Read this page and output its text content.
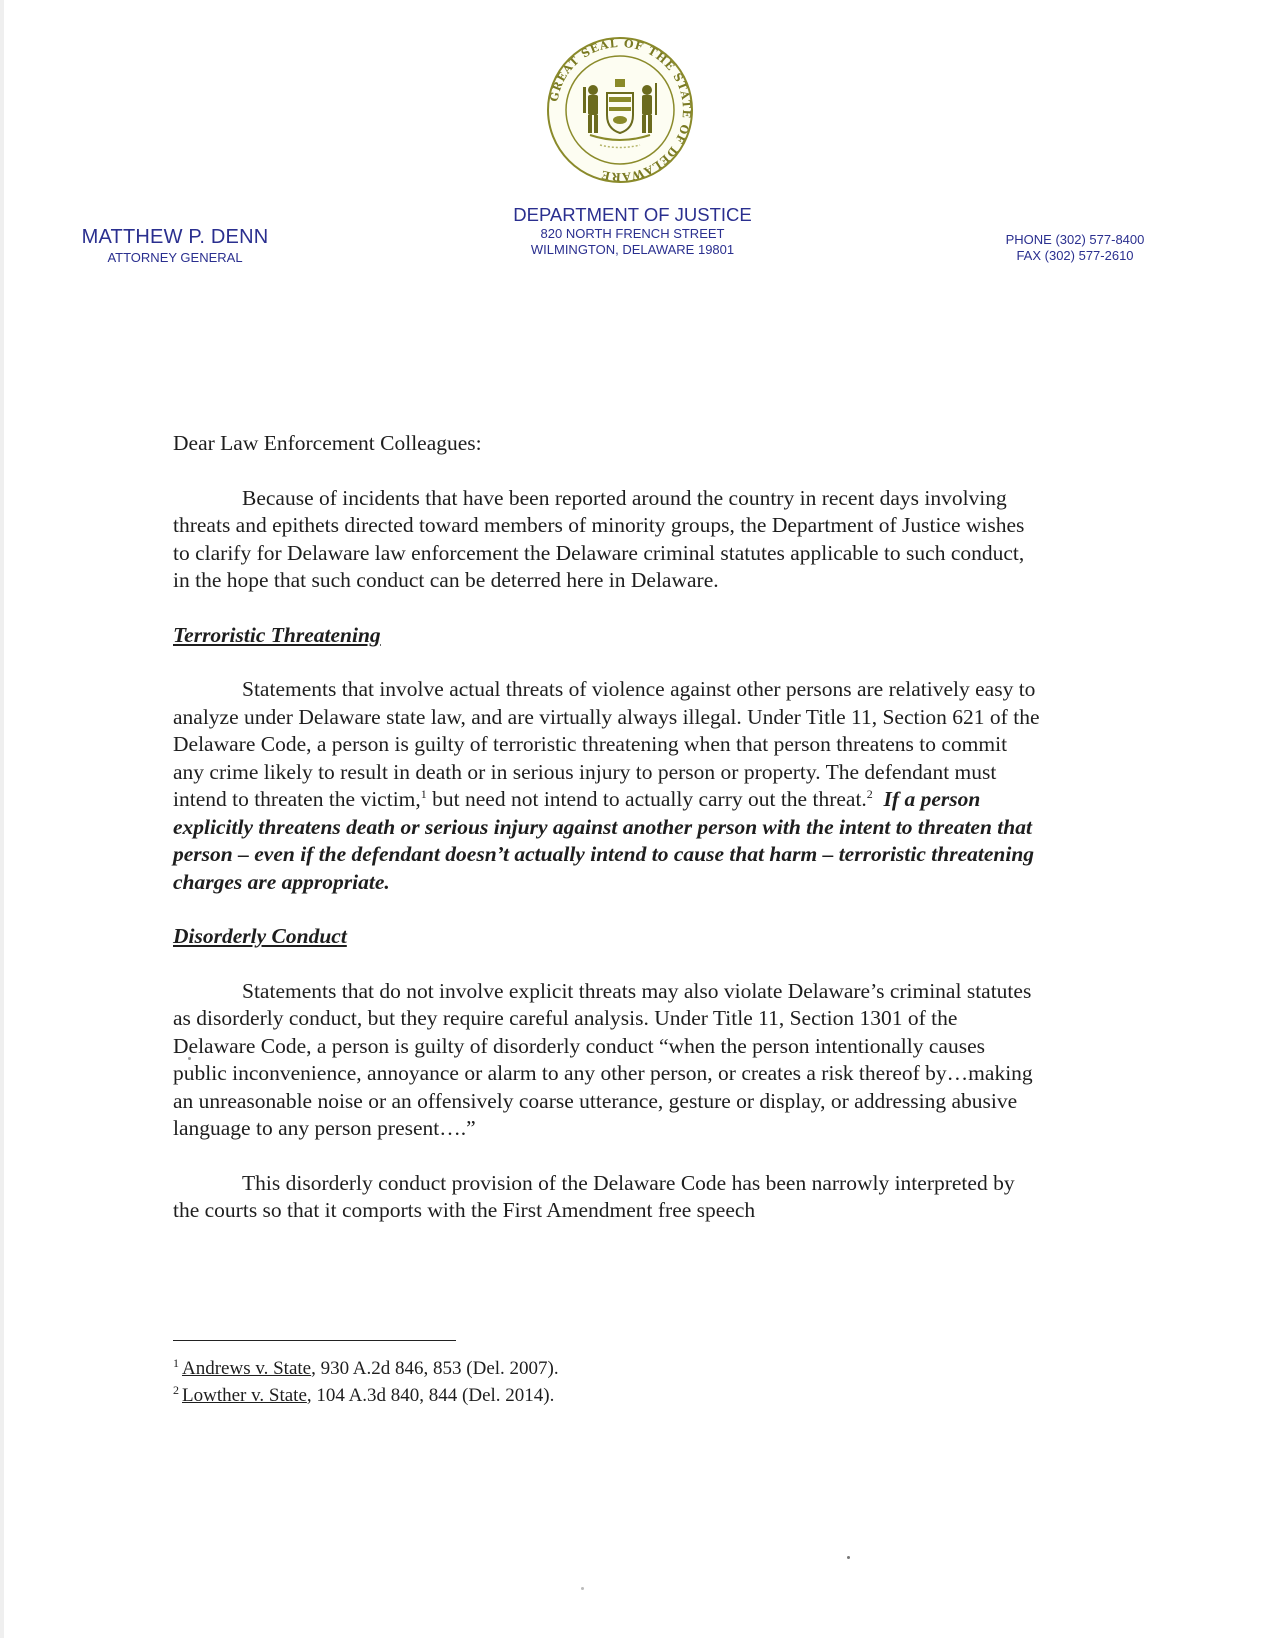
GREAT SEAL OF THE STATE OF DELAWARE
MATTHEW P. DENN
ATTORNEY GENERAL
DEPARTMENT OF JUSTICE
820 NORTH FRENCH STREET
WILMINGTON, DELAWARE 19801
PHONE (302) 577-8400
FAX (302) 577-2610

Dear Law Enforcement Colleagues:

Because of incidents that have been reported around the country in recent days involving threats and epithets directed toward members of minority groups, the Department of Justice wishes to clarify for Delaware law enforcement the Delaware criminal statutes applicable to such conduct, in the hope that such conduct can be deterred here in Delaware.

Terroristic Threatening

Statements that involve actual threats of violence against other persons are relatively easy to analyze under Delaware state law, and are virtually always illegal. Under Title 11, Section 621 of the Delaware Code, a person is guilty of terroristic threatening when that person threatens to commit any crime likely to result in death or in serious injury to person or property. The defendant must intend to threaten the victim,$^1$ but need not intend to actually carry out the threat.$^2$ If a person explicitly threatens death or serious injury against another person with the intent to threaten that person – even if the defendant doesn’t actually intend to cause that harm – terroristic threatening charges are appropriate.

Disorderly Conduct

Statements that do not involve explicit threats may also violate Delaware’s criminal statutes as disorderly conduct, but they require careful analysis. Under Title 11, Section 1301 of the Delaware Code, a person is guilty of disorderly conduct “when the person intentionally causes public inconvenience, annoyance or alarm to any other person, or creates a risk thereof by…making an unreasonable noise or an offensively coarse utterance, gesture or display, or addressing abusive language to any person present….”

This disorderly conduct provision of the Delaware Code has been narrowly interpreted by the courts so that it comports with the First Amendment free speech

$^1$ Andrews v. State, 930 A.2d 846, 853 (Del. 2007).
$^2$ Lowther v. State, 104 A.3d 840, 844 (Del. 2014).
